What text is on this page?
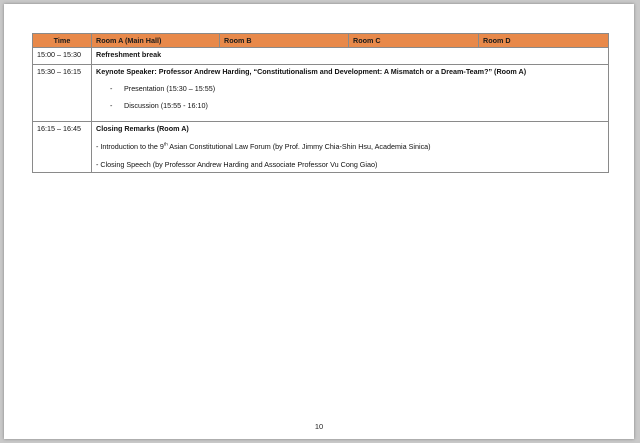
Time	Room A (Main Hall)	Room B	Room C	Room D
15:00 – 15:30	Refreshment break			

15:30 – 16:15	Keynote Speaker: Professor Andrew Harding, “Constitutionalism and Development: A Mismatch or a Dream-Team?” (Room A)
- Presentation (15:30 – 15:55)
- Discussion (15:55 - 16:10)			

16:15 – 16:45	Closing Remarks (Room A)
- Introduction to the 9th Asian Constitutional Law Forum (by Prof. Jimmy Chia-Shin Hsu, Academia Sinica)
- Closing Speech (by Professor Andrew Harding and Associate Professor Vu Cong Giao)			
10
